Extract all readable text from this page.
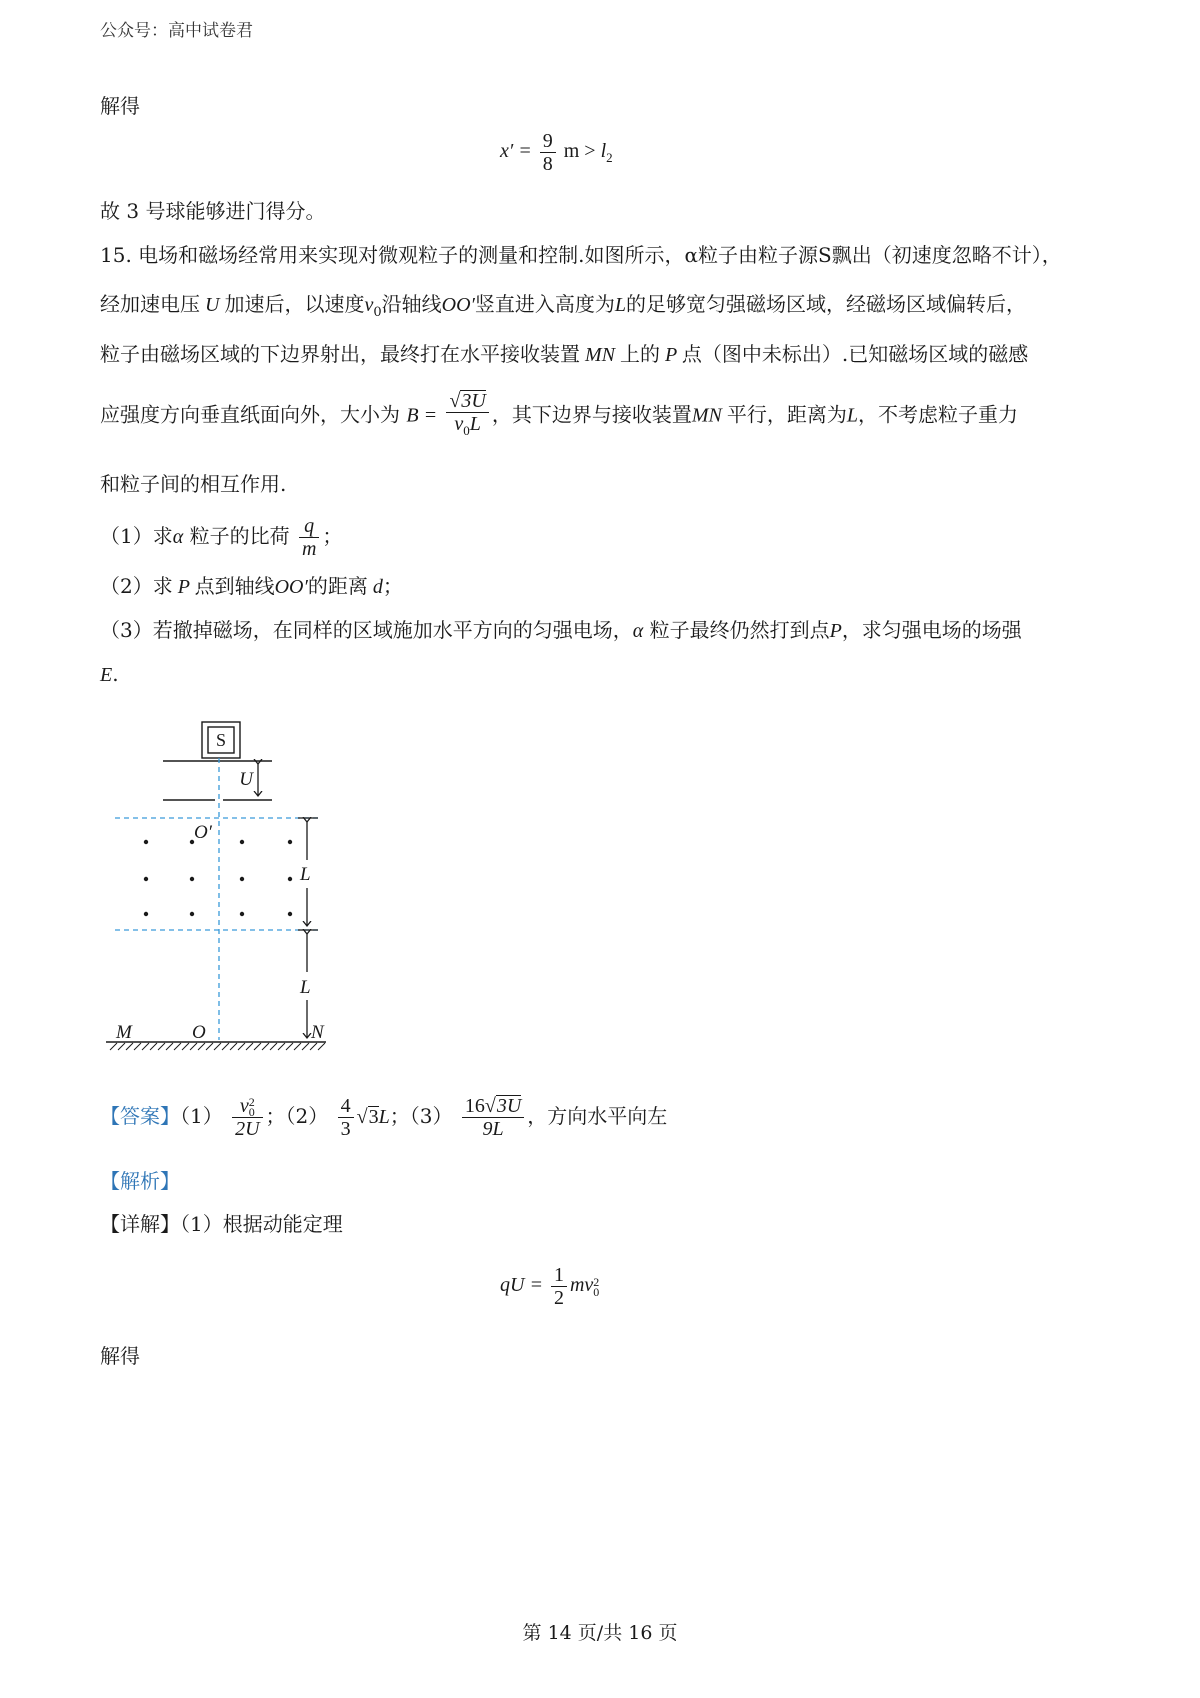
公众号：高中试卷君
解得
$x' = \frac{9}{8}$ $m > l_2$
故 3 号球能够进门得分。
15. 电场和磁场经常用来实现对微观粒子的测量和控制.如图所示，α粒子由粒子源S飘出（初速度忽略不计），
经加速电压 U 加速后，以速度$v_0$沿轴线OO′竖直进入高度为L的足够宽匀强磁场区域，经磁场区域偏转后，
粒子由磁场区域的下边界射出，最终打在水平接收装置 MN 上的 P 点（图中未标出）.已知磁场区域的磁感
应强度方向垂直纸面向外，大小为 $B = \frac{√3U}{v_0L}$ ，其下边界与接收装置MN 平行，距离为L，不考虑粒子重力
和粒子间的相互作用.
（1）求α 粒子的比荷 $\frac{q}{m}$ ；
（2）求 P 点到轴线OO′的距离 d；
（3）若撤掉磁场，在同样的区域施加水平方向的匀强电场，α 粒子最终仍然打到点P，求匀强电场的场强
E.
S
U
O′
L
L
M	O	N
【答案】（1） v 2
0
2U ；$(2) \frac{4}{3} √3L$；$(3) \frac{16√3U}{9L}$ ，方向水平向左
【解析】
【详解】（1）根据动能定理
qU = $\frac{1}{2}$ mv 2
0
解得
第 14 页/共 16 页
